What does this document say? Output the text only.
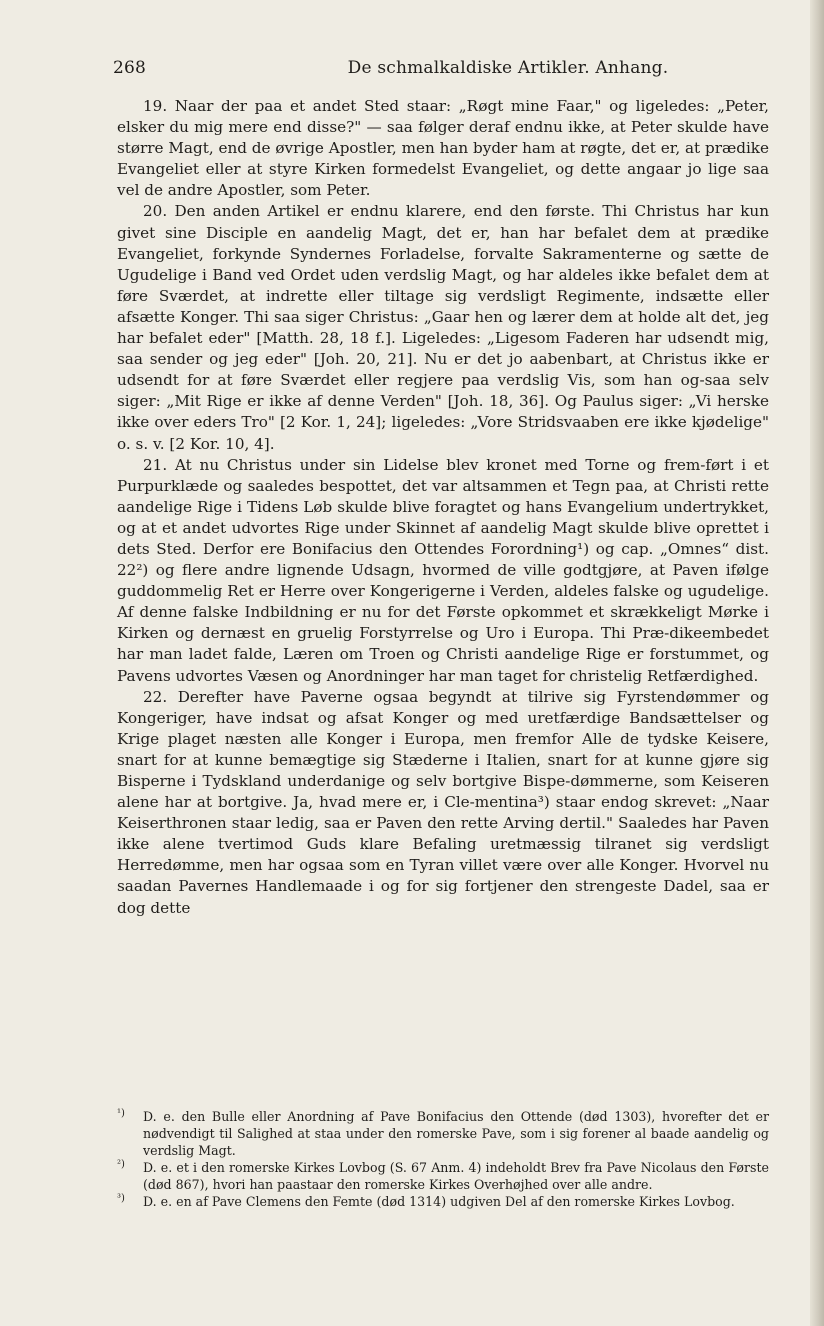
268	De schmalkaldiske Artikler. Anhang.

19. Naar der paa et andet Sted staar: „Røgt mine Faar," og ligeledes: „Peter, elsker du mig mere end disse?" — saa følger deraf endnu ikke, at Peter skulde have større Magt, end de øvrige Apostler, men han byder ham at røgte, det er, at prædike Evangeliet eller at styre Kirken formedelst Evangeliet, og dette angaar jo lige saa vel de andre Apostler, som Peter.

20. Den anden Artikel er endnu klarere, end den første. Thi Christus har kun givet sine Disciple en aandelig Magt, det er, han har befalet dem at prædike Evangeliet, forkynde Syndernes Forladelse, forvalte Sakramenterne og sætte de Ugudelige i Band ved Ordet uden verdslig Magt, og har aldeles ikke befalet dem at føre Sværdet, at indrette eller tiltage sig verdsligt Regimente, indsætte eller afsætte Konger. Thi saa siger Christus: „Gaar hen og lærer dem at holde alt det, jeg har befalet eder" [Matth. 28, 18 f.]. Ligeledes: „Ligesom Faderen har udsendt mig, saa sender og jeg eder" [Joh. 20, 21]. Nu er det jo aabenbart, at Christus ikke er udsendt for at føre Sværdet eller regjere paa verdslig Vis, som han og-saa selv siger: „Mit Rige er ikke af denne Verden" [Joh. 18, 36]. Og Paulus siger: „Vi herske ikke over eders Tro" [2 Kor. 1, 24]; ligeledes: „Vore Stridsvaaben ere ikke kjødelige" o. s. v. [2 Kor. 10, 4].

21. At nu Christus under sin Lidelse blev kronet med Torne og frem-ført i et Purpurklæde og saaledes bespottet, det var altsammen et Tegn paa, at Christi rette aandelige Rige i Tidens Løb skulde blive foragtet og hans Evangelium undertrykket, og at et andet udvortes Rige under Skinnet af aandelig Magt skulde blive oprettet i dets Sted. Derfor ere Bonifacius den Ottendes Forordning¹) og cap. „Omnes“ dist. 22²) og flere andre lignende Udsagn, hvormed de ville godtgjøre, at Paven ifølge guddommelig Ret er Herre over Kongerigerne i Verden, aldeles falske og ugudelige. Af denne falske Indbildning er nu for det Første opkommet et skrækkeligt Mørke i Kirken og dernæst en gruelig Forstyrrelse og Uro i Europa. Thi Præ-dikeembedet har man ladet falde, Læren om Troen og Christi aandelige Rige er forstummet, og Pavens udvortes Væsen og Anordninger har man taget for christelig Retfærdighed.

22. Derefter have Paverne ogsaa begyndt at tilrive sig Fyrstendømmer og Kongeriger, have indsat og afsat Konger og med uretfærdige Bandsættelser og Krige plaget næsten alle Konger i Europa, men fremfor Alle de tydske Keisere, snart for at kunne bemægtige sig Stæderne i Italien, snart for at kunne gjøre sig Bisperne i Tydskland underdanige og selv bortgive Bispe-dømmerne, som Keiseren alene har at bortgive. Ja, hvad mere er, i Cle-mentina³) staar endog skrevet: „Naar Keiserthronen staar ledig, saa er Paven den rette Arving dertil." Saaledes har Paven ikke alene tvertimod Guds klare Befaling uretmæssig tilranet sig verdsligt Herredømme, men har ogsaa som en Tyran villet være over alle Konger. Hvorvel nu saadan Pavernes Handlemaade i og for sig fortjener den strengeste Dadel, saa er dog dette

¹)	D. e. den Bulle eller Anordning af Pave Bonifacius den Ottende (død 1303), hvorefter det er nødvendigt til Salighed at staa under den romerske Pave, som i sig forener al baade aandelig og verdslig Magt.
²)	D. e. et i den romerske Kirkes Lovbog (S. 67 Anm. 4) indeholdt Brev fra Pave Nicolaus den Første (død 867), hvori han paastaar den romerske Kirkes Overhøjhed over alle andre.
³)	D. e. en af Pave Clemens den Femte (død 1314) udgiven Del af den romerske Kirkes Lovbog.
